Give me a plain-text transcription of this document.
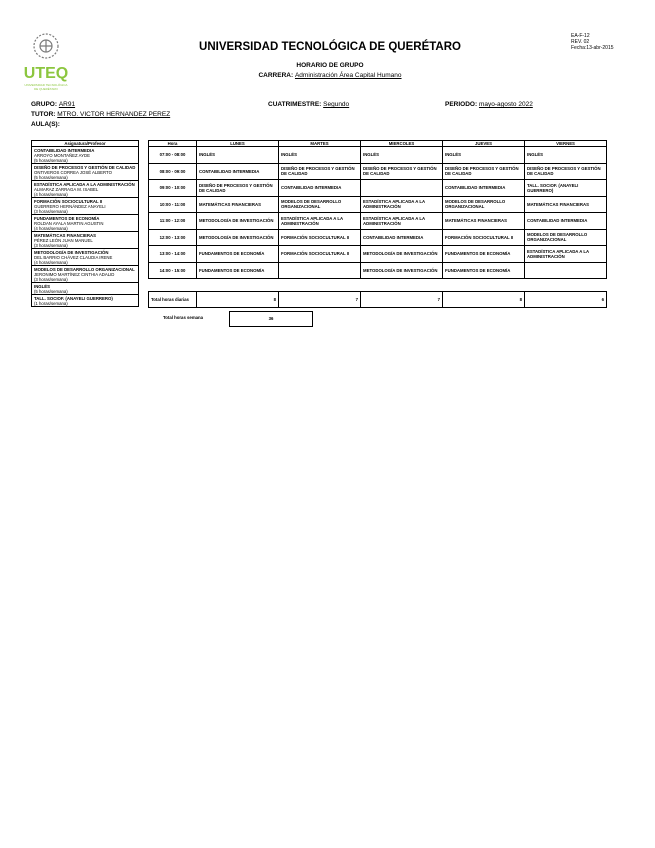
UTEQ
UNIVERSIDAD TECNOLÓGICA
DE QUERÉTARO
UNIVERSIDAD TECNOLÓGICA DE QUERÉTARO
EA-F-12
REV. 02
Fecha:13-abr-2015
HORARIO DE GRUPO
CARRERA: Administración Área Capital Humano
GRUPO: AR91	CUATRIMESTRE: Segundo	PERIODO: mayo-agosto 2022
TUTOR: MTRO. VICTOR HERNANDEZ PEREZ
AULA(S):
Asignatura/Profesor

CONTABILIDAD INTERMEDIA
ARROYO MONTAÑEZ AYDE
(5 horas/semana)

DISEÑO DE PROCESOS Y GESTIÓN DE CALIDAD
ONTIVEROS CORREA JOSÉ ALBERTO
(5 horas/semana)

ESTADÍSTICA APLICADA A LA ADMINISTRACIÓN
ALMARAZ ZARRAGA M. ISABEL
(4 horas/semana)

FORMACIÓN SOCIOCULTURAL II
GUERRERO HERNÁNDEZ ANAYELI
(3 horas/semana)

FUNDAMENTOS DE ECONOMÍA
ROLDAN AYALA MARTIN AGUSTIN
(4 horas/semana)

MATEMÁTICAS FINANCIERAS
PÉREZ LEÓN JUAN MANUEL
(3 horas/semana)

METODOLOGÍA DE INVESTIGACIÓN
DEL BARRIO CHÁVEZ CLAUDIA IRENE
(4 horas/semana)

MODELOS DE DESARROLLO ORGANIZACIONAL
JERONIMO MARTÍNEZ CINTHIA ADALID
(3 horas/semana)

INGLÉS
(5 horas/semana)

TALL. SOCIOF. (ANAYELI GUERRERO)
(1 horas/semana)
Hora	LUNES	MARTES	MIERCOLES	JUEVES	VIERNES
07:00 - 08:00	INGLÉS	INGLÉS	INGLÉS	INGLÉS	INGLÉS
08:00 - 09:00	CONTABILIDAD INTERMEDIA	DISEÑO DE PROCESOS Y GESTIÓN DE CALIDAD	DISEÑO DE PROCESOS Y GESTIÓN DE CALIDAD	DISEÑO DE PROCESOS Y GESTIÓN DE CALIDAD	DISEÑO DE PROCESOS Y GESTIÓN DE CALIDAD
09:00 - 10:00	DISEÑO DE PROCESOS Y GESTIÓN DE CALIDAD	CONTABILIDAD INTERMEDIA		CONTABILIDAD INTERMEDIA	TALL. SOCIOF. (ANAYELI GUERRERO)
10:00 - 11:00	MATEMÁTICAS FINANCIERAS	MODELOS DE DESARROLLO ORGANIZACIONAL	ESTADÍSTICA APLICADA A LA ADMINISTRACIÓN	MODELOS DE DESARROLLO ORGANIZACIONAL	MATEMÁTICAS FINANCIERAS
11:00 - 12:00	METODOLOGÍA DE INVESTIGACIÓN	ESTADÍSTICA APLICADA A LA ADMINISTRACIÓN	ESTADÍSTICA APLICADA A LA ADMINISTRACIÓN	MATEMÁTICAS FINANCIERAS	CONTABILIDAD INTERMEDIA
12:00 - 13:00	METODOLOGÍA DE INVESTIGACIÓN	FORMACIÓN SOCIOCULTURAL II	CONTABILIDAD INTERMEDIA	FORMACIÓN SOCIOCULTURAL II	MODELOS DE DESARROLLO ORGANIZACIONAL
13:00 - 14:00	FUNDAMENTOS DE ECONOMÍA	FORMACIÓN SOCIOCULTURAL II	METODOLOGÍA DE INVESTIGACIÓN	FUNDAMENTOS DE ECONOMÍA	ESTADÍSTICA APLICADA A LA ADMINISTRACIÓN
14:00 - 15:00	FUNDAMENTOS DE ECONOMÍA		METODOLOGÍA DE INVESTIGACIÓN	FUNDAMENTOS DE ECONOMÍA	
Total horas diarias	8	7	7	8	6
Total horas semana	36
